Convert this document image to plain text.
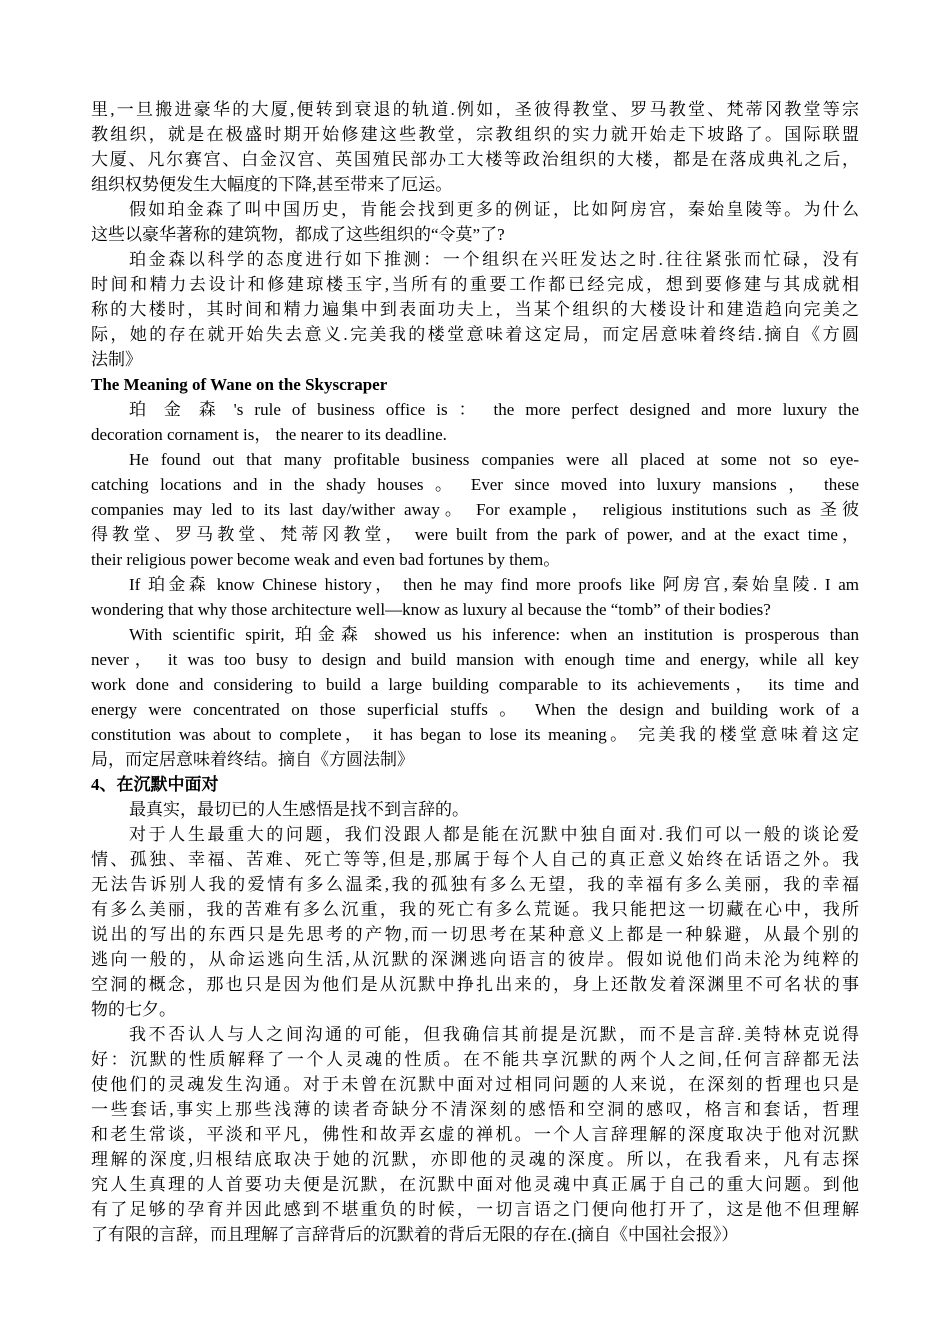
里,一旦搬进豪华的大厦,便转到衰退的轨道.例如，圣彼得教堂、罗马教堂、梵蒂冈教堂等宗
教组织，就是在极盛时期开始修建这些教堂，宗教组织的实力就开始走下坡路了。国际联盟
大厦、凡尔赛宫、白金汉宫、英国殖民部办工大楼等政治组织的大楼，都是在落成典礼之后，
组织权势便发生大幅度的下降,甚至带来了厄运。
假如珀金森了叫中国历史，肯能会找到更多的例证，比如阿房宫，秦始皇陵等。为什么
这些以豪华著称的建筑物，都成了这些组织的“令莫”了?
珀金森以科学的态度进行如下推测：一个组织在兴旺发达之时.往往紧张而忙碌，没有
时间和精力去设计和修建琼楼玉宇,当所有的重要工作都已经完成，想到要修建与其成就相
称的大楼时，其时间和精力遍集中到表面功夫上，当某个组织的大楼设计和建造趋向完美之
际，她的存在就开始失去意义.完美我的楼堂意味着这定局，而定居意味着终结.摘自《方圆
法制》
The Meaning of Wane on the Skyscraper
珀 金 森 's rule of business office is ： the more perfect designed and more luxury the
decoration cornament is， the nearer to its deadline.
He found out that many profitable business companies were all placed at some not so eye-
catching locations and in the shady houses 。 Ever since moved into luxury mansions ， these
companies may led to its last day/wither away。 For example， religious institutions such as 圣彼
得教堂、罗马教堂、梵蒂冈教堂， were built from the park of power, and at the exact time，
their religious power become weak and even bad fortunes by them。
If 珀金森 know Chinese history， then he may find more proofs like 阿房宫,秦始皇陵. I am
wondering that why those architecture well—know as luxury al because the “tomb” of their bodies?
With scientific spirit, 珀金森 showed us his inference: when an institution is prosperous than
never， it was too busy to design and build mansion with enough time and energy, while all key
work done and considering to build a large building comparable to its achievements， its time and
energy were concentrated on those superficial stuffs 。 When the design and building work of a
constitution was about to complete， it has began to lose its meaning。 完美我的楼堂意味着这定
局，而定居意味着终结。摘自《方圆法制》
4、在沉默中面对
最真实，最切已的人生感悟是找不到言辞的。
对于人生最重大的问题，我们没跟人都是能在沉默中独自面对.我们可以一般的谈论爱
情、孤独、幸福、苦难、死亡等等,但是,那属于每个人自己的真正意义始终在话语之外。我
无法告诉别人我的爱情有多么温柔,我的孤独有多么无望，我的幸福有多么美丽，我的幸福
有多么美丽，我的苦难有多么沉重，我的死亡有多么荒诞。我只能把这一切藏在心中，我所
说出的写出的东西只是先思考的产物,而一切思考在某种意义上都是一种躲避，从最个别的
逃向一般的，从命运逃向生活,从沉默的深渊逃向语言的彼岸。假如说他们尚未沦为纯粹的
空洞的概念，那也只是因为他们是从沉默中挣扎出来的，身上还散发着深渊里不可名状的事
物的七夕。
我不否认人与人之间沟通的可能，但我确信其前提是沉默，而不是言辞.美特林克说得
好：沉默的性质解释了一个人灵魂的性质。在不能共享沉默的两个人之间,任何言辞都无法
使他们的灵魂发生沟通。对于未曾在沉默中面对过相同问题的人来说，在深刻的哲理也只是
一些套话,事实上那些浅薄的读者奇缺分不清深刻的感悟和空洞的感叹，格言和套话，哲理
和老生常谈，平淡和平凡，佛性和故弄玄虚的禅机。一个人言辞理解的深度取决于他对沉默
理解的深度,归根结底取决于她的沉默，亦即他的灵魂的深度。所以，在我看来，凡有志探
究人生真理的人首要功夫便是沉默，在沉默中面对他灵魂中真正属于自己的重大问题。到他
有了足够的孕育并因此感到不堪重负的时候，一切言语之门便向他打开了，这是他不但理解
了有限的言辞，而且理解了言辞背后的沉默着的背后无限的存在.(摘自《中国社会报》）
